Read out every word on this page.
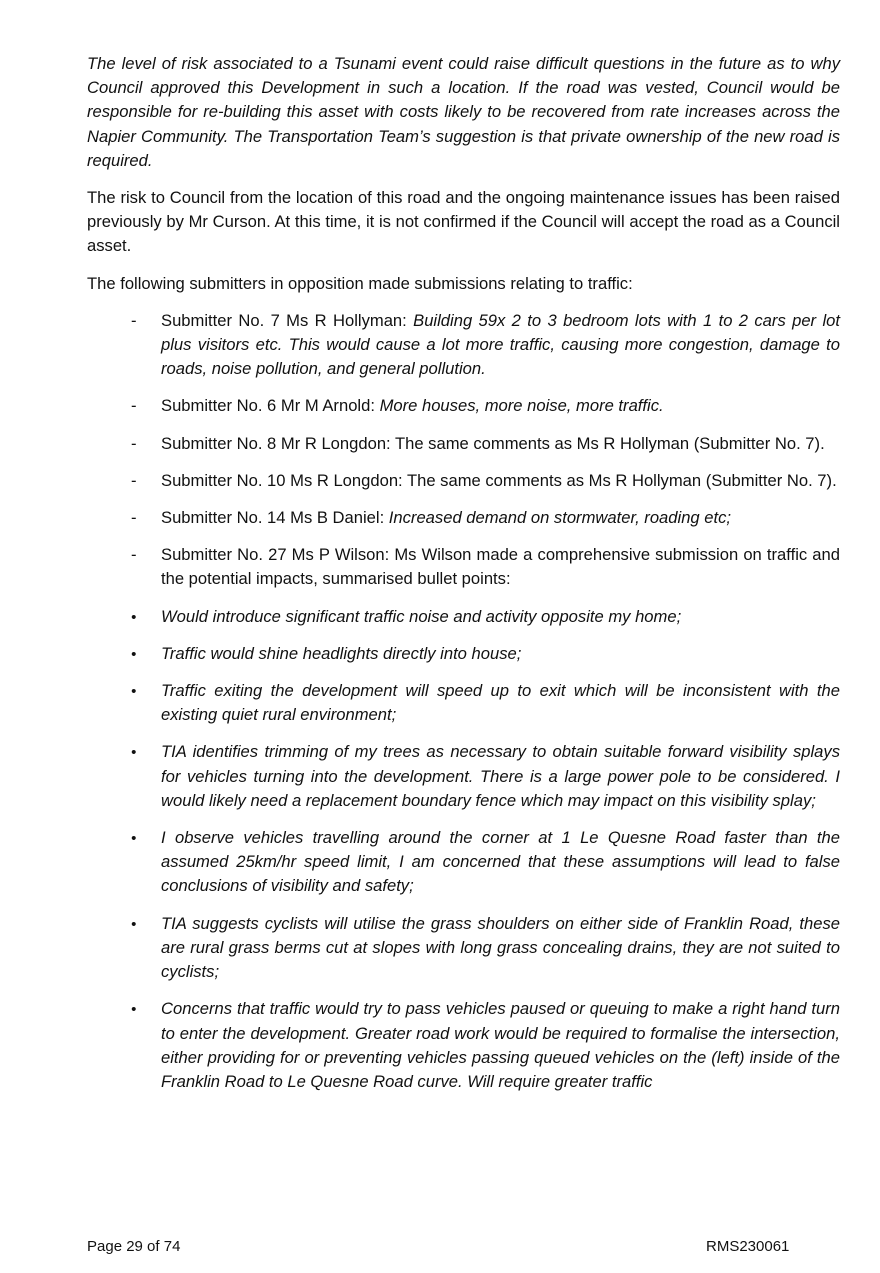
The level of risk associated to a Tsunami event could raise difficult questions in the future as to why Council approved this Development in such a location. If the road was vested, Council would be responsible for re-building this asset with costs likely to be recovered from rate increases across the Napier Community. The Transportation Team’s suggestion is that private ownership of the new road is required.

The risk to Council from the location of this road and the ongoing maintenance issues has been raised previously by Mr Curson. At this time, it is not confirmed if the Council will accept the road as a Council asset.

The following submitters in opposition made submissions relating to traffic:

-
Submitter No. 7 Ms R Hollyman: Building 59x 2 to 3 bedroom lots with 1 to 2 cars per lot plus visitors etc. This would cause a lot more traffic, causing more congestion, damage to roads, noise pollution, and general pollution.
-
Submitter No. 6 Mr M Arnold: More houses, more noise, more traffic.
-
Submitter No. 8 Mr R Longdon: The same comments as Ms R Hollyman (Submitter No. 7).
-
Submitter No. 10 Ms R Longdon: The same comments as Ms R Hollyman (Submitter No. 7).
-
Submitter No. 14 Ms B Daniel: Increased demand on stormwater, roading etc;
-
Submitter No. 27 Ms P Wilson: Ms Wilson made a comprehensive submission on traffic and the potential impacts, summarised bullet points:
•
Would introduce significant traffic noise and activity opposite my home;
•
Traffic would shine headlights directly into house;
•
Traffic exiting the development will speed up to exit which will be inconsistent with the existing quiet rural environment;
•
TIA identifies trimming of my trees as necessary to obtain suitable forward visibility splays for vehicles turning into the development. There is a large power pole to be considered. I would likely need a replacement boundary fence which may impact on this visibility splay;
•
I observe vehicles travelling around the corner at 1 Le Quesne Road faster than the assumed 25km/hr speed limit, I am concerned that these assumptions will lead to false conclusions of visibility and safety;
•
TIA suggests cyclists will utilise the grass shoulders on either side of Franklin Road, these are rural grass berms cut at slopes with long grass concealing drains, they are not suited to cyclists;
•
Concerns that traffic would try to pass vehicles paused or queuing to make a right hand turn to enter the development. Greater road work would be required to formalise the intersection, either providing for or preventing vehicles passing queued vehicles on the (left) inside of the Franklin Road to Le Quesne Road curve. Will require greater traffic
Page 29 of 74	RMS230061
